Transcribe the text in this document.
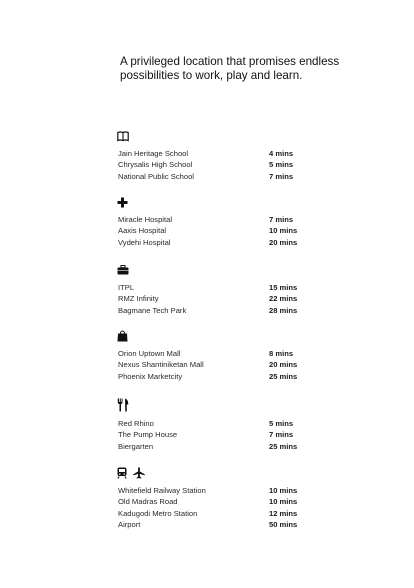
A privileged location that promises endless possibilities to work, play and learn.

Jain Heritage School	4 mins
Chrysalis High School	5 mins
National Public School	7 mins
Miracle Hospital	7 mins
Aaxis Hospital	10 mins
Vydehi Hospital	20 mins
ITPL	15 mins
RMZ Infinity	22 mins
Bagmane Tech Park	28 mins
Orion Uptown Mall	8 mins
Nexus Shantiniketan Mall	20 mins
Phoenix Marketcity	25 mins
Red Rhino	5 mins
The Pump House	7 mins
Biergarten	25 mins
Whitefield Railway Station	10 mins
Old Madras Road	10 mins
Kadugodi Metro Station	12 mins
Airport	50 mins
